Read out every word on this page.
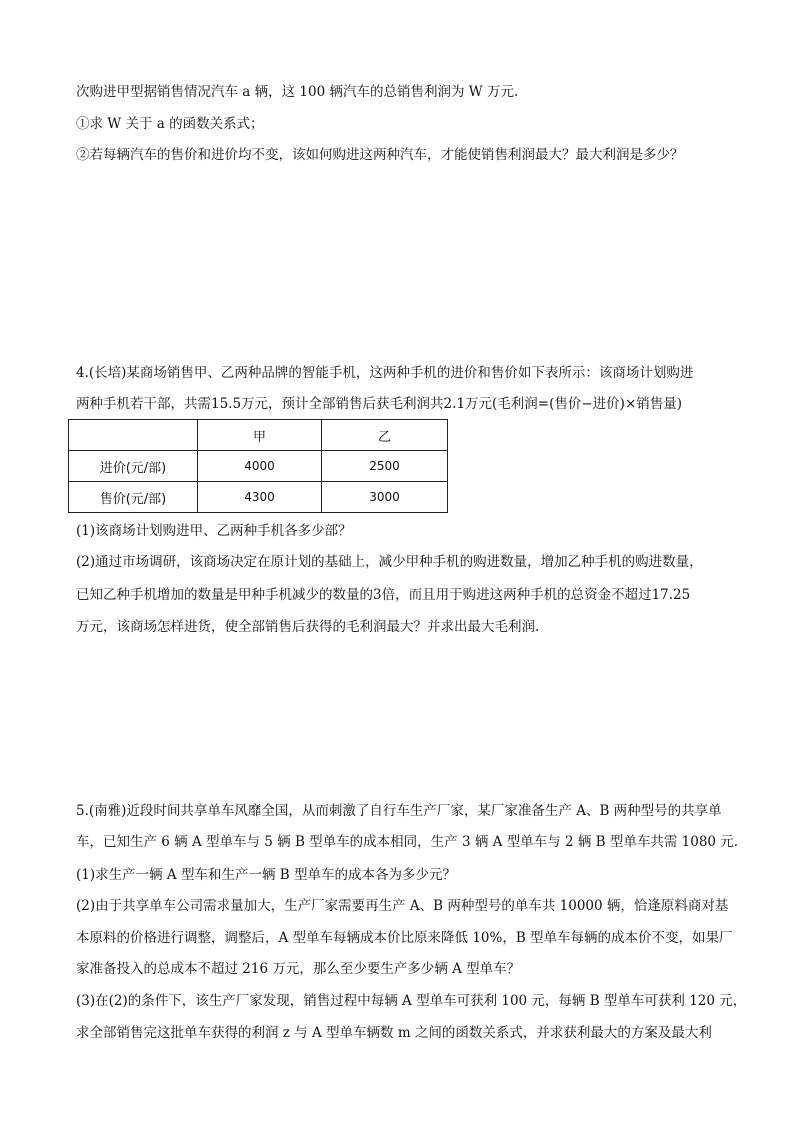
次购进甲型据销售情况汽车 a 辆，这 100 辆汽车的总销售利润为 W 万元.
①求 W 关于 a 的函数关系式；
②若每辆汽车的售价和进价均不变，该如何购进这两种汽车，才能使销售利润最大？最大利润是多少？
4.(长培)某商场销售甲、乙两种品牌的智能手机，这两种手机的进价和售价如下表所示：该商场计划购进
两种手机若干部，共需15.5万元，预计全部销售后获毛利润共2.1万元(毛利润=(售价−进价)×销售量)
	甲	乙
进价(元/部)	4000	2500
售价(元/部)	4300	3000
(1)该商场计划购进甲、乙两种手机各多少部？
(2)通过市场调研，该商场决定在原计划的基础上，减少甲种手机的购进数量，增加乙种手机的购进数量，
已知乙种手机增加的数量是甲种手机减少的数量的3倍，而且用于购进这两种手机的总资金不超过17.25
万元，该商场怎样进货，使全部销售后获得的毛利润最大？并求出最大毛利润.
5.(南雅)近段时间共享单车风靡全国，从而刺激了自行车生产厂家，某厂家准备生产 A、B 两种型号的共享单
车，已知生产 6 辆 A 型单车与 5 辆 B 型单车的成本相同，生产 3 辆 A 型单车与 2 辆 B 型单车共需 1080 元.
(1)求生产一辆 A 型车和生产一辆 B 型单车的成本各为多少元？
(2)由于共享单车公司需求量加大，生产厂家需要再生产 A、B 两种型号的单车共 10000 辆，恰逢原料商对基
本原料的价格进行调整，调整后，A 型单车每辆成本价比原来降低 10%，B 型单车每辆的成本价不变，如果厂
家准备投入的总成本不超过 216 万元，那么至少要生产多少辆 A 型单车？
(3)在(2)的条件下，该生产厂家发现，销售过程中每辆 A 型单车可获利 100 元，每辆 B 型单车可获利 120 元，
求全部销售完这批单车获得的利润 z 与 A 型单车辆数 m 之间的函数关系式，并求获利最大的方案及最大利
